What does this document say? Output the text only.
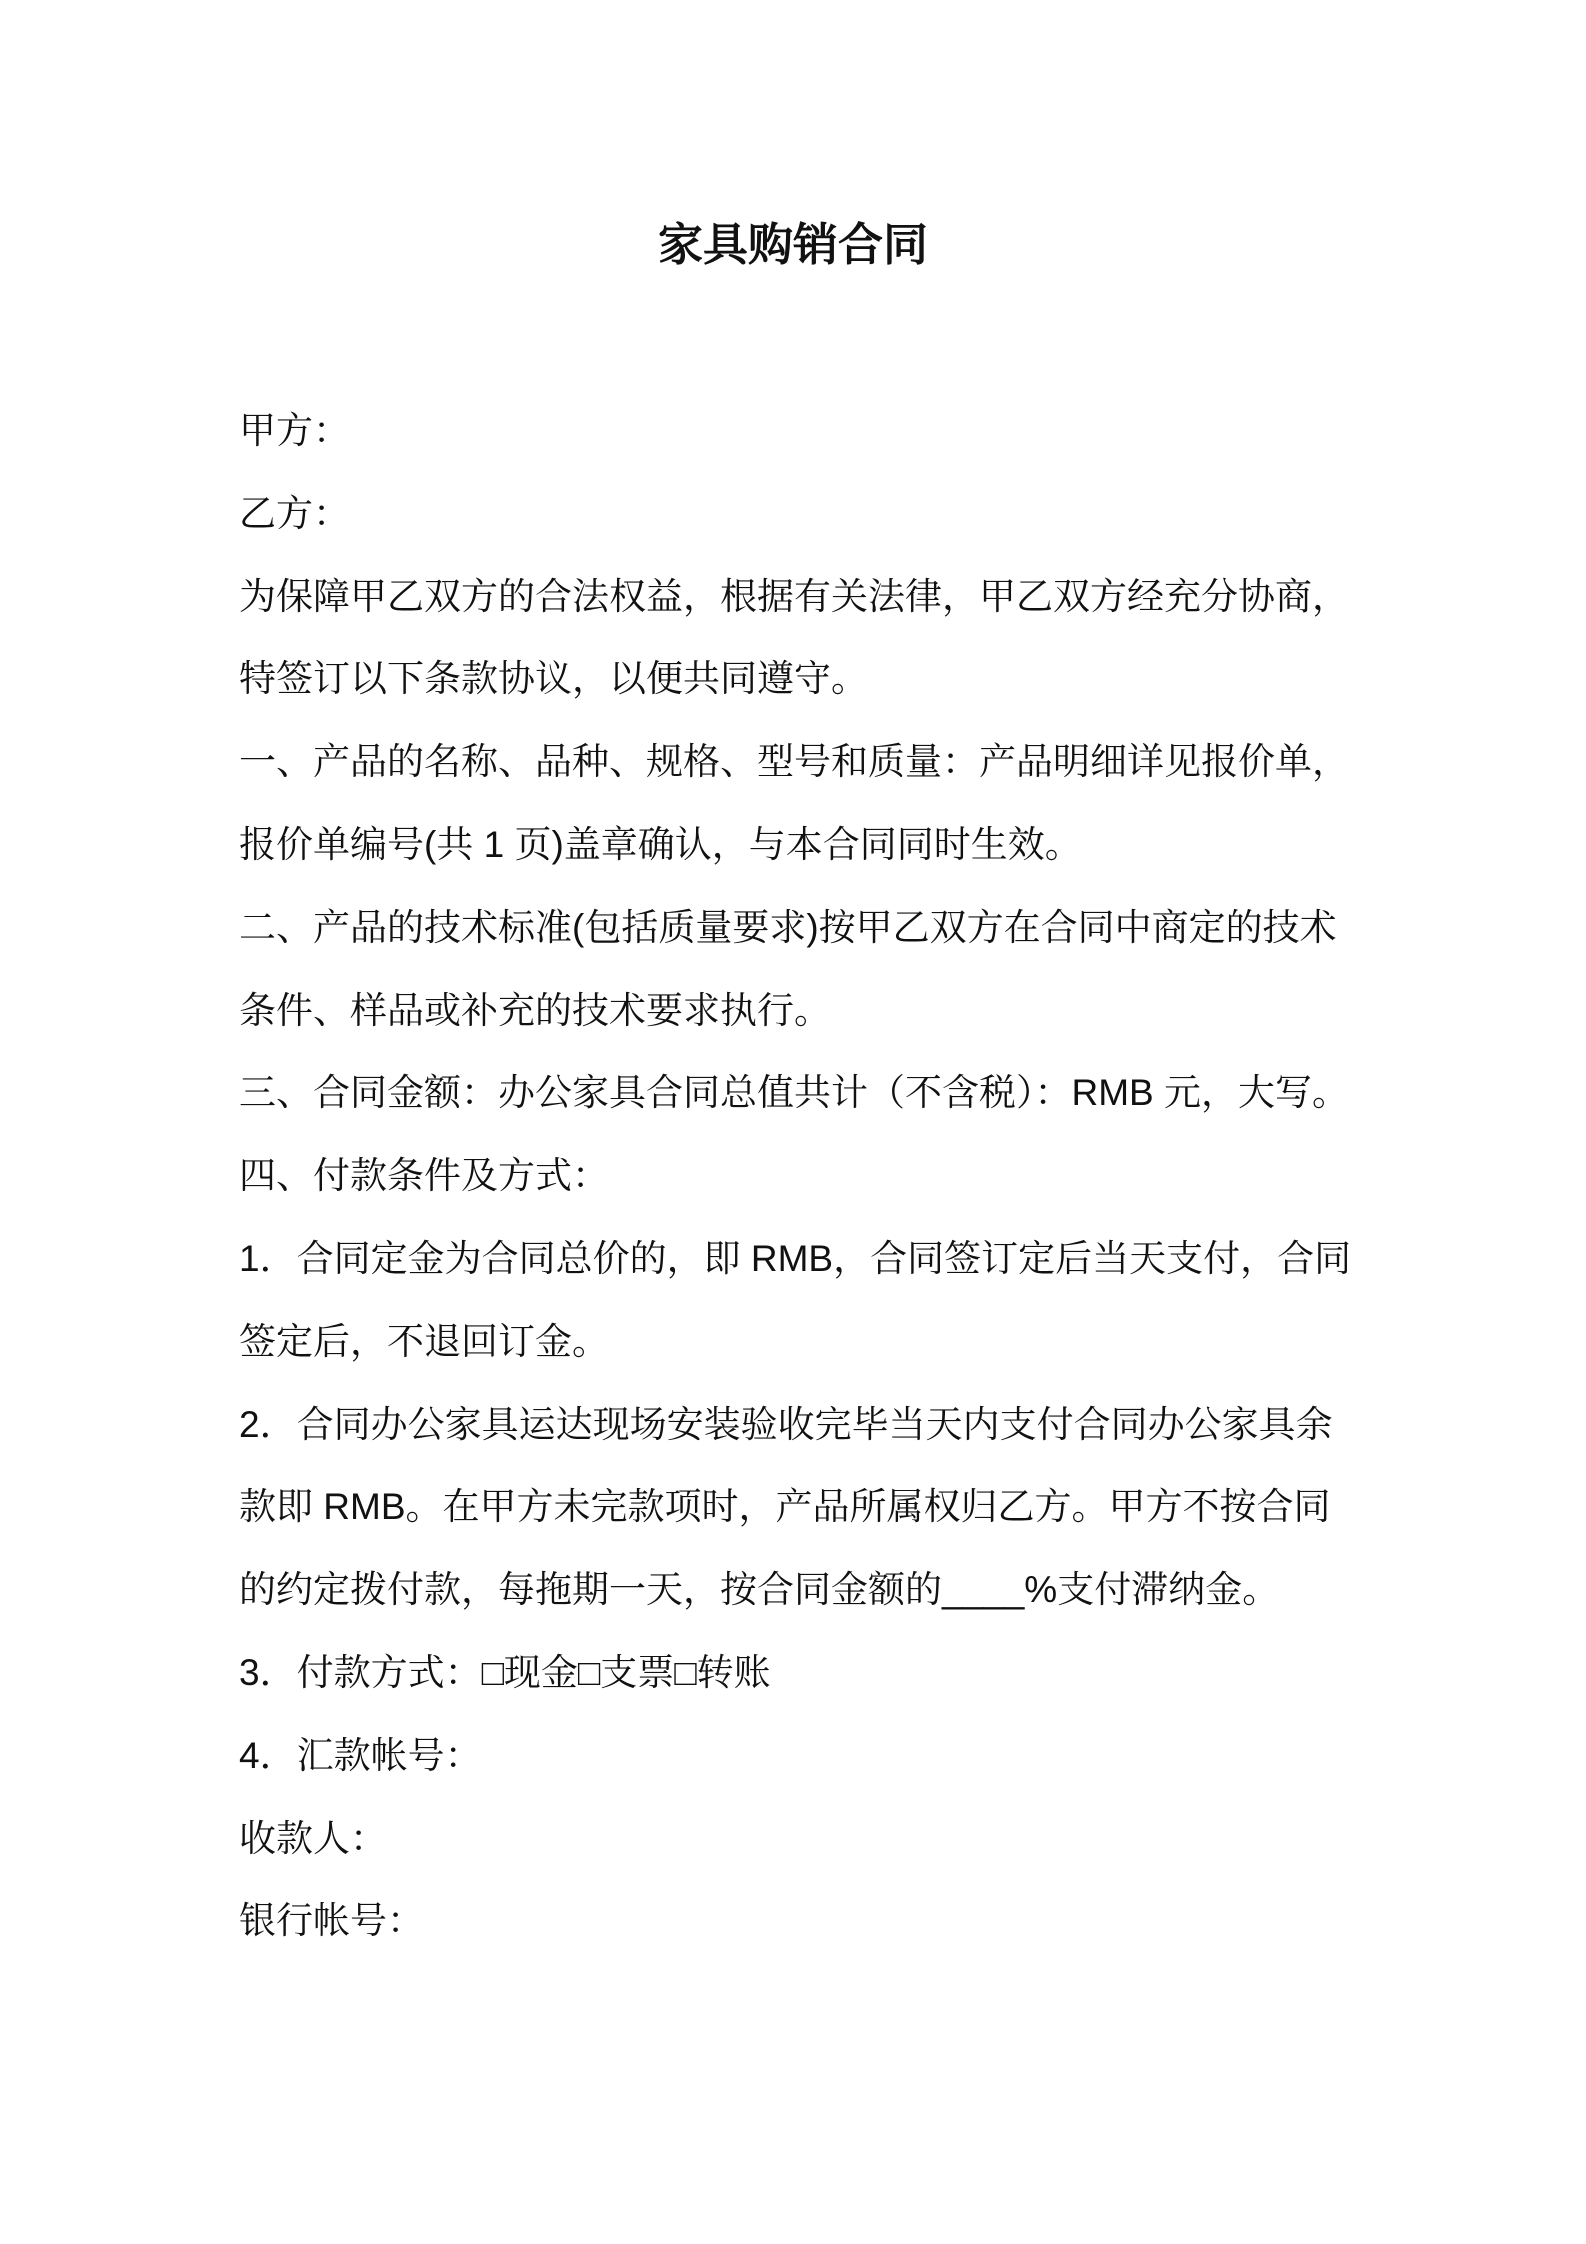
家具购销合同
甲方：
乙方：
为保障甲乙双方的合法权益，根据有关法律，甲乙双方经充分协商，
特签订以下条款协议，以便共同遵守。
一、产品的名称、品种、规格、型号和质量：产品明细详见报价单，
报价单编号(共 1 页)盖章确认，与本合同同时生效。
二、产品的技术标准(包括质量要求)按甲乙双方在合同中商定的技术
条件、样品或补充的技术要求执行。
三、合同金额：办公家具合同总值共计（不含税）：RMB 元，大写。
四、付款条件及方式：
1．合同定金为合同总价的，即 RMB，合同签订定后当天支付，合同
签定后，不退回订金。
2．合同办公家具运达现场安装验收完毕当天内支付合同办公家具余
款即 RMB。在甲方未完款项时，产品所属权归乙方。甲方不按合同
的约定拨付款，每拖期一天，按合同金额的____%支付滞纳金。
3．付款方式：□现金□支票□转账
4．汇款帐号：
收款人：
银行帐号：
